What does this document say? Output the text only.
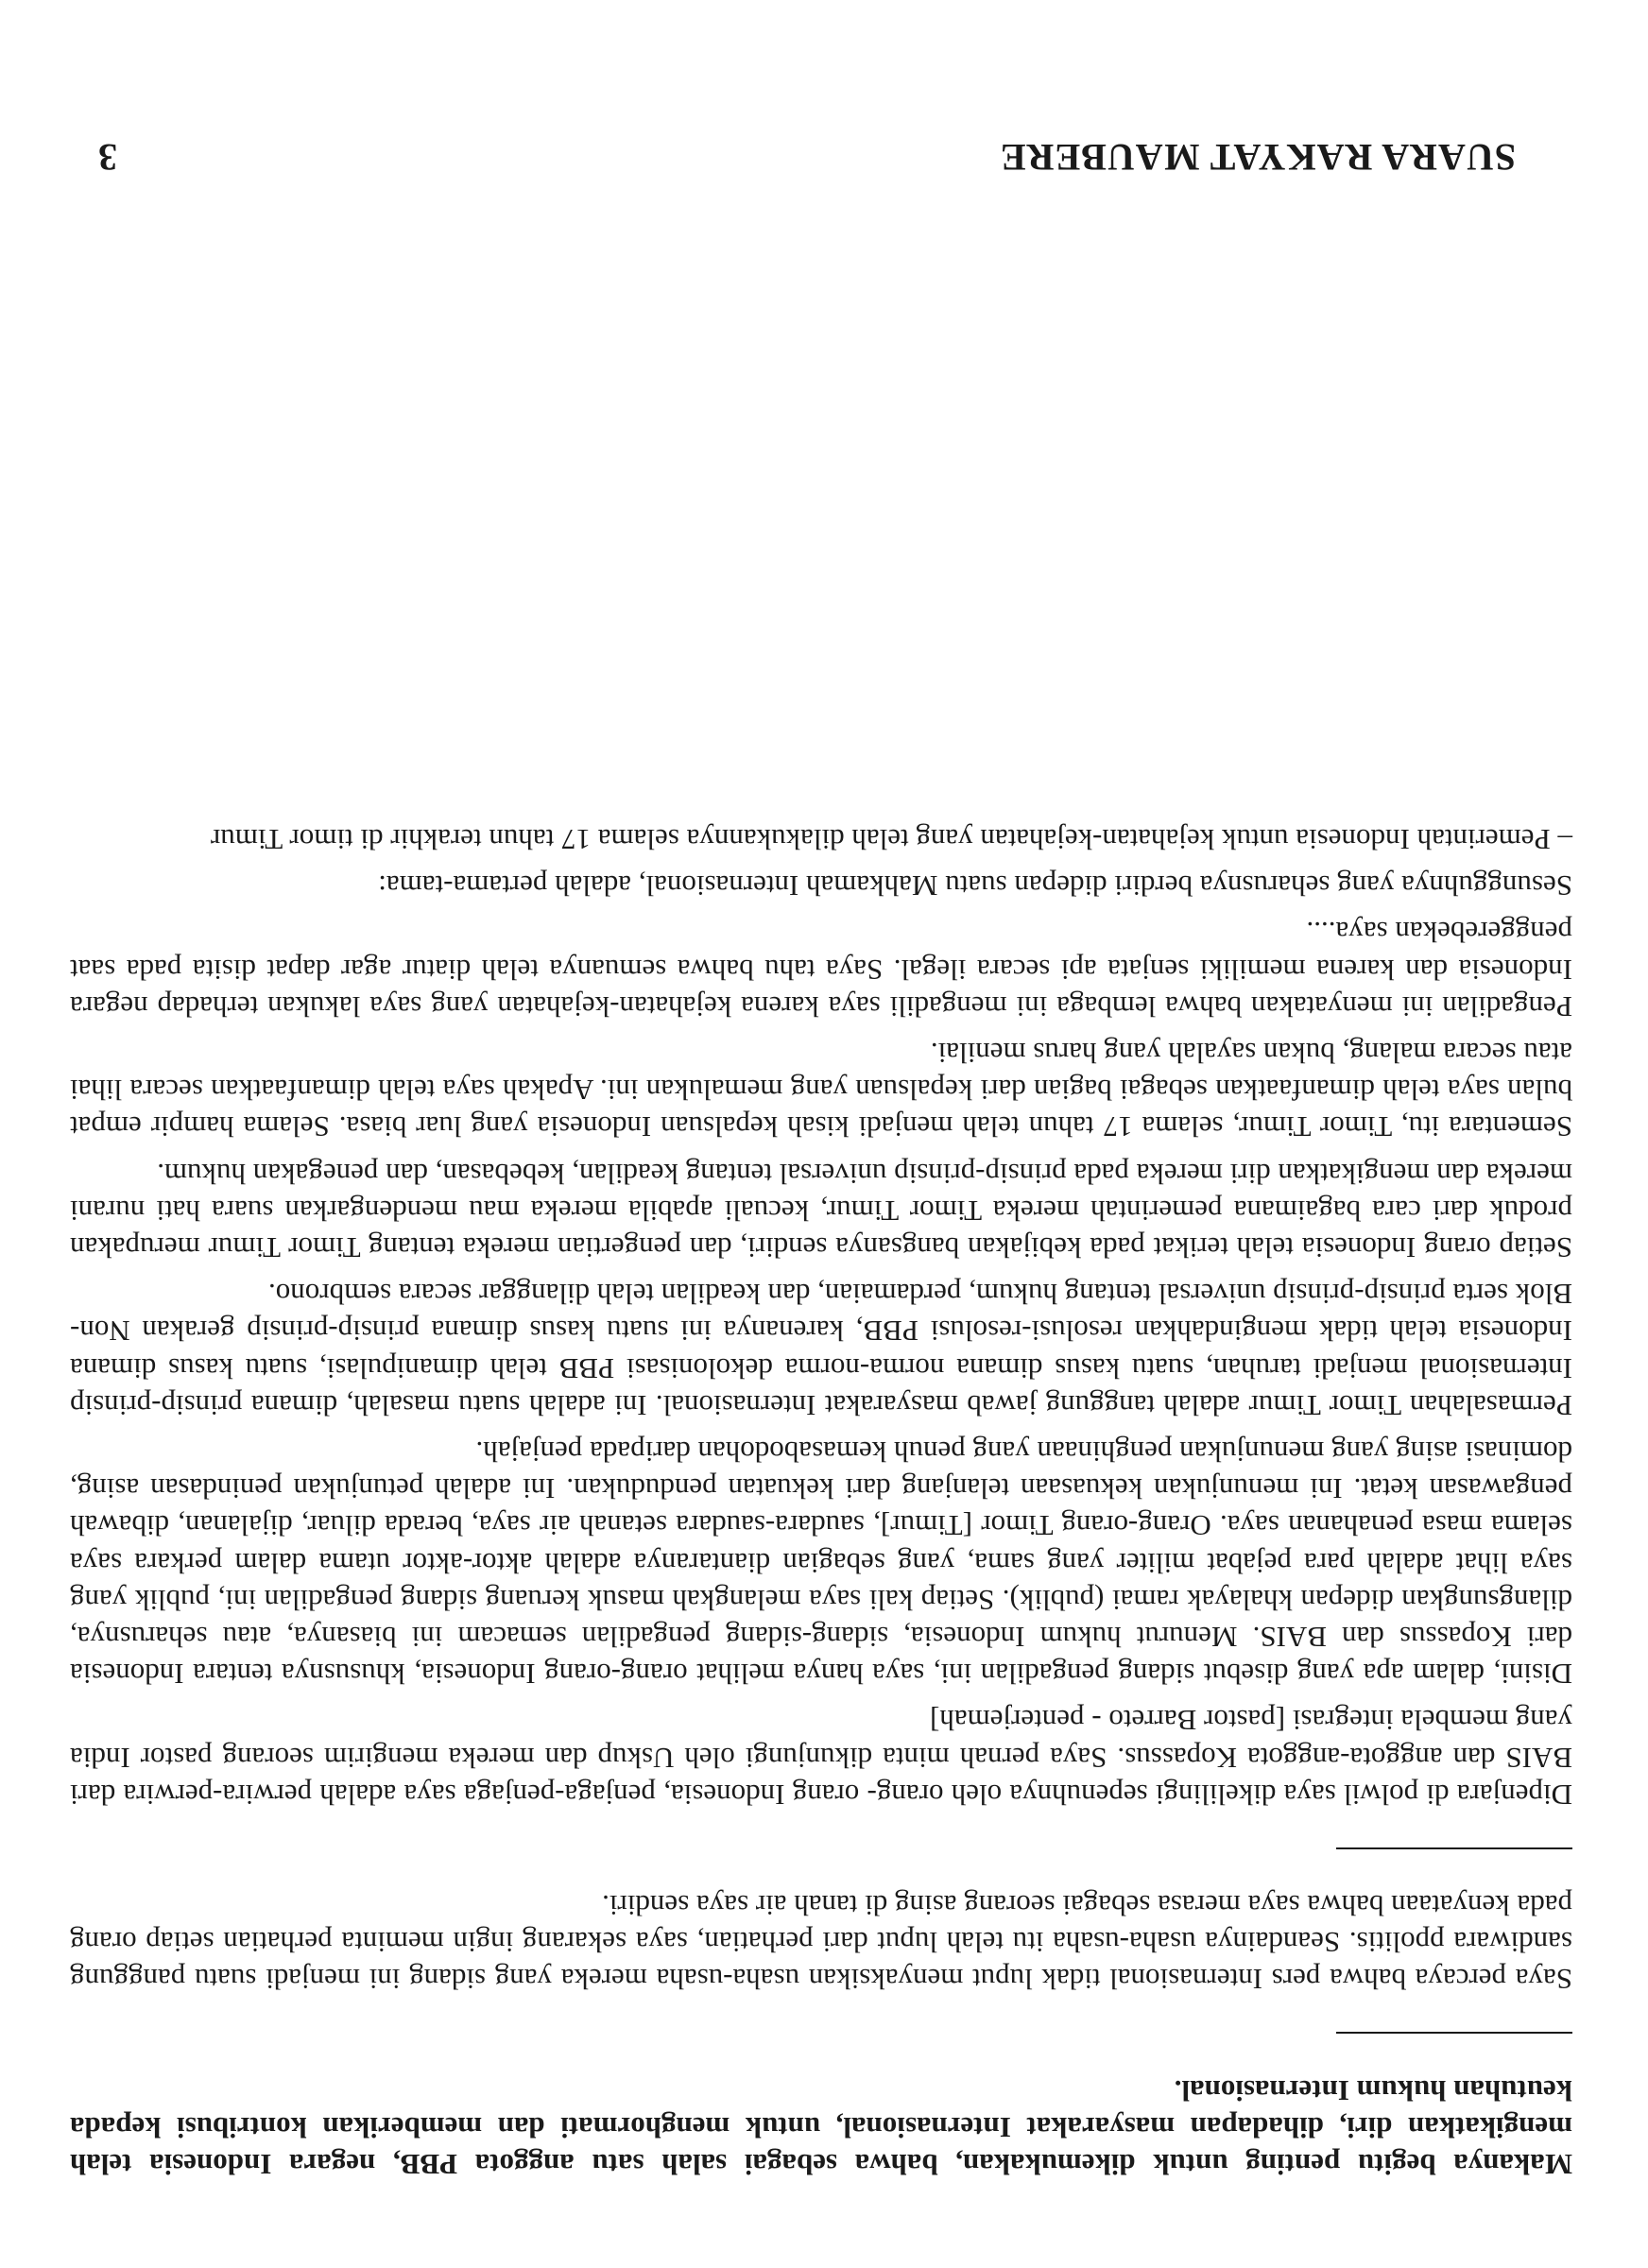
SUARA RAKYAT MAUBERE
3

Makanya begitu penting untuk dikemukakan, bahwa sebagai salah satu anggota PBB, negara Indonesia telah mengikatkan diri, dihadapan masyarakat Internasional, untuk menghormati dan memberikan kontribusi kepada keutuhan hukum Internasional.

Saya percaya bahwa pers Internasional tidak luput menyaksikan usaha-usaha mereka yang sidang ini menjadi suatu panggung sandiwara ppolitis. Seandainya usaha-usaha itu telah luput dari perhatian, saya sekarang ingin meminta perhatian setiap orang pada kenyataan bahwa saya merasa sebagai seorang asing di tanah air saya sendiri.

Dipenjara di polwil saya dikelilingi sepenuhnya oleh orang- orang Indonesia, penjaga-penjaga saya adalah perwira-perwira dari BAIS dan anggota-anggota Kopassus. Saya pernah minta dikunjungi oleh Uskup dan mereka mengirim seorang pastor India yang membela integrasi [pastor Barreto - penterjemah]

Disini, dalam apa yang disebut sidang pengadilan ini, saya hanya melihat orang-orang Indonesia, khususnya tentara Indonesia dari Kopassus dan BAIS. Menurut hukum Indonesia, sidang-sidang pengadilan semacam ini biasanya, atau seharusnya, dilangsungkan didepan khalayak ramai (publik). Setiap kali saya melangkah masuk keruang sidang pengadilan ini, publik yang saya lihat adalah para pejabat militer yang sama, yang sebagian diantaranya adalah aktor-aktor utama dalam perkara saya selama masa penahanan saya. Orang-orang Timor [Timur], saudara-saudara setanah air saya, berada diluar, dijalanan, dibawah pengawasan ketat. Ini menunjukan kekuasaan telanjang dari kekuatan pendudukan. Ini adalah petunjukan penindasan asing, dominasi asing yang menunjukan penghinaan yang penuh kemasabodohan daripada penjajah.

Permasalahan Timor Timur adalah tanggung jawab masyarakat Internasional. Ini adalah suatu masalah, dimana prinsip-prinsip Internasional menjadi taruhan, suatu kasus dimana norma-norma dekolonisasi PBB telah dimanipulasi, suatu kasus dimana Indonesia telah tidak mengindahkan resolusi-resolusi PBB, karenanya ini suatu kasus dimana prinsip-prinsip gerakan Non- Blok serta prinsip-prinsip universal tentang hukum, perdamaian, dan keadilan telah dilanggar secara sembrono.

Setiap orang Indonesia telah terikat pada kebijakan bangsanya sendiri, dan pengertian mereka tentang Timor Timur merupakan produk dari cara bagaimana pemerintah mereka Timor Timur, kecuali apabila mereka mau mendengarkan suara hati nurani mereka dan mengikatkan diri mereka pada prinsip-prinsip universal tentang keadilan, kebebasan, dan penegakan hukum.

Sementara itu, Timor Timur, selama 17 tahun telah menjadi kisah kepalsuan Indonesia yang luar biasa. Selama hampir empat bulan saya telah dimanfaatkan sebagai bagian dari kepalsuan yang memalukan ini. Apakah saya telah dimanfaatkan secara lihai atau secara malang, bukan sayalah yang harus menilai.

Pengadilan ini menyatakan bahwa lembaga ini mengadili saya karena kejahatan-kejahatan yang saya lakukan terhadap negara Indonesia dan karena memiliki senjata api secara ilegal. Saya tahu bahwa semuanya telah diatur agar dapat disita pada saat penggerebekan saya....

Sesungguhnya yang seharusnya berdiri didepan suatu Mahkamah Internasional, adalah pertama-tama:

– Pemerintah Indonesia untuk kejahatan-kejahatan yang telah dilakukannya selama 17 tahun terakhir di timor Timur
